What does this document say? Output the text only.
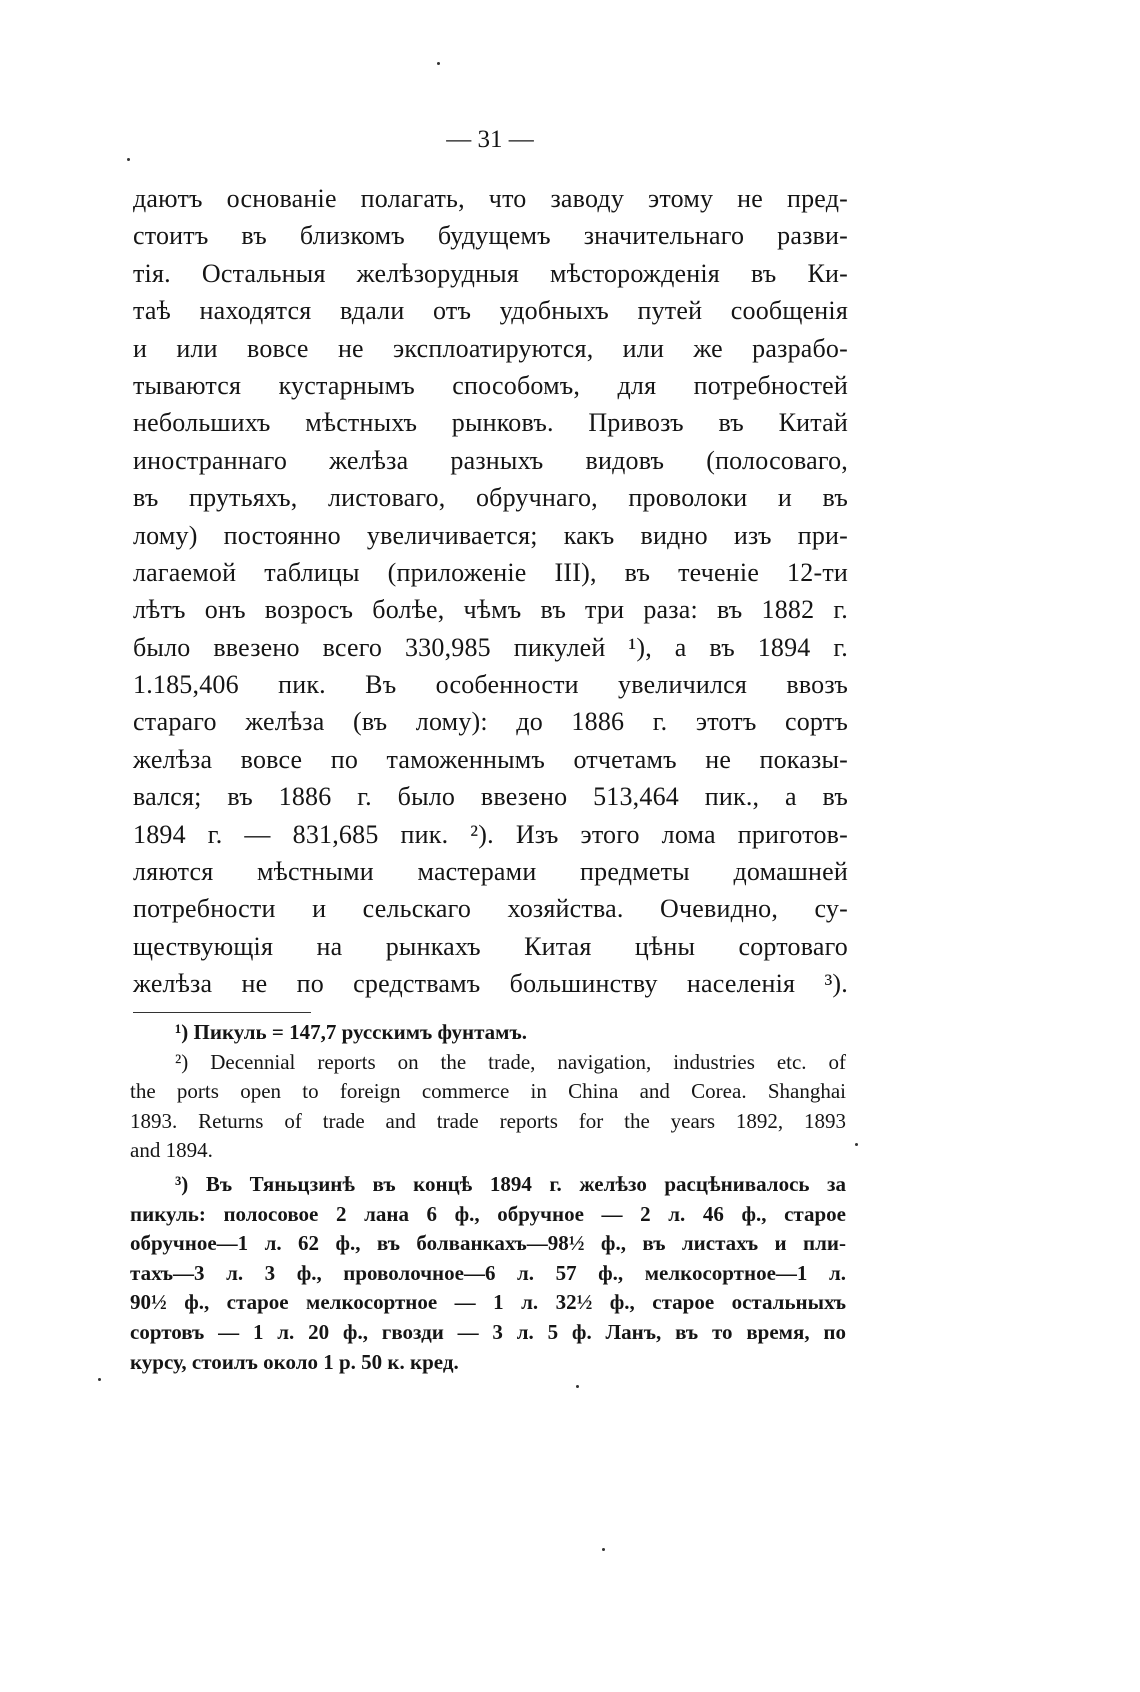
— 31 —
даютъ основаніе полагать, что заводу этому не пред-
стоитъ въ близкомъ будущемъ значительнаго разви-
тія. Остальныя желѣзорудныя мѣсторожденія въ Ки-
таѣ находятся вдали отъ удобныхъ путей сообщенія
и или вовсе не эксплоатируются, или же разрабо-
тываются кустарнымъ способомъ, для потребностей
небольшихъ мѣстныхъ рынковъ. Привозъ въ Китай
иностраннаго желѣза разныхъ видовъ (полосоваго,
въ прутьяхъ, листоваго, обручнаго, проволоки и въ
лому) постоянно увеличивается; какъ видно изъ при-
лагаемой таблицы (приложеніе III), въ теченіе 12-ти
лѣтъ онъ возросъ болѣе, чѣмъ въ три раза: въ 1882 г.
было ввезено всего 330,985 пикулей ¹), а въ 1894 г.
1.185,406 пик. Въ особенности увеличился ввозъ
стараго желѣза (въ лому): до 1886 г. этотъ сортъ
желѣза вовсе по таможеннымъ отчетамъ не показы-
вался; въ 1886 г. было ввезено 513,464 пик., а въ
1894 г. — 831,685 пик. ²). Изъ этого лома приготов-
ляются мѣстными мастерами предметы домашней
потребности и сельскаго хозяйства. Очевидно, су-
ществующія на рынкахъ Китая цѣны сортоваго
желѣза не по средствамъ большинству населенія ³).
¹) Пикуль = 147,7 русскимъ фунтамъ.
²) Decennial reports on the trade, navigation, industries etc. of
the ports open to foreign commerce in China and Corea. Shanghai
1893. Returns of trade and trade reports for the years 1892, 1893
and 1894.
³) Въ Тяньцзинѣ въ концѣ 1894 г. желѣзо расцѣнивалось за
пикуль: полосовое 2 лана 6 ф., обручное — 2 л. 46 ф., старое
обручное—1 л. 62 ф., въ болванкахъ—98½ ф., въ листахъ и пли-
тахъ—3 л. 3 ф., проволочное—6 л. 57 ф., мелкосортное—1 л.
90½ ф., старое мелкосортное — 1 л. 32½ ф., старое остальныхъ
сортовъ — 1 л. 20 ф., гвозди — 3 л. 5 ф. Ланъ, въ то время, по
курсу, стоилъ около 1 р. 50 к. кред.
